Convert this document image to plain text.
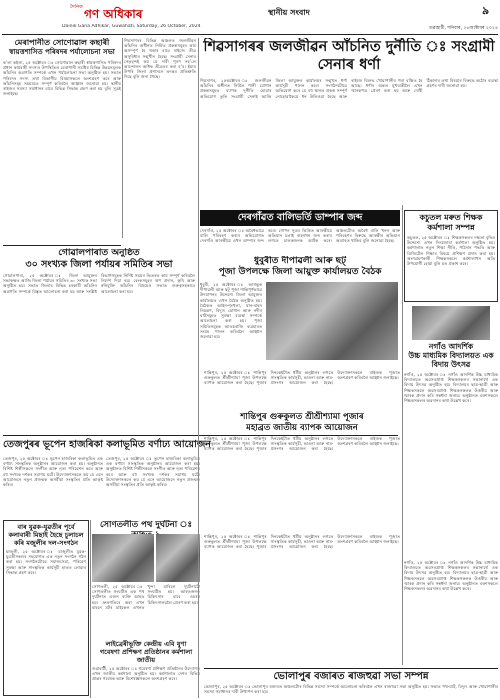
দৈনিক গণ অধিকাৰ	স্থানীয় সংবাদ	৯
Dainik Gana Adhikar, Guwahati, Saturday, 26 October, 2024	গুৱাহাটী, শনিবাৰ, ২৬অক্টোবৰ ২০২৪
মেৰাপানীত সোণোৱাল কছাৰী
স্বায়ত্তশাসিত পৰিষদৰ পৰ্যালোচনা সভা
ক’লা কইলা, ২৫ অক্টোবৰ ঃ সোণোৱাল কছাৰী স্বায়ত্তশাসিত পৰিষদৰ প্ৰধান কাৰ্যবাহী সদস্যৰ উপস্থিতিত মেৰাপানী সমষ্টিৰ বিভিন্ন উন্নয়নমূলক আঁচনিৰ অগ্ৰগতি সম্পৰ্কে এখন পৰ্যালোচনা সভা অনুষ্ঠিত হয়। সভাত পৰিষদৰ সদস্য তথা বিভাগীয় বিষয়াসকলে অংশগ্ৰহণ কৰে আৰু আঁচনিসমূহ সময়মতে সম্পূৰ্ণ কৰিবলৈ আহ্বান জনোৱা হয়। স্থানীয় ৰাইজৰ সমস্যা সমাধানৰ বাবে বিভিন্ন সিদ্ধান্ত গ্ৰহণ কৰা হয় বুলি সূত্ৰই জনাইছে।
শিৱসাগৰৰ বিভিন্ন অঞ্চলত জলজীৱন আঁচনিৰ অধীনত নিৰ্মিত প্ৰকল্পসমূহৰ কাম অসম্পূৰ্ণ হৈ থকাৰ বাবে ৰাইজে তীব্ৰ অসুবিধাৰ সন্মুখীন হৈছে। সংগ্ৰামী সেনাৰ নেতৃবৃন্দই কয় যে দাবী পূৰণ নহ’লে আন্দোলন অধিক তীব্ৰতৰ কৰা হ’ব। ইয়াৰ উপৰি জিলা প্ৰশাসনে তদন্তৰ প্ৰতিশ্ৰুতি দিছে বুলি জনা গৈছে।
শিৱসাগৰৰ জলজীৱন আঁচনিত দুৰ্নীতি ঃ সংগ্ৰামী সেনাৰ ধৰ্ণা
শিৱসাগৰ, ২৫অক্টোবৰ ঃ জলজীৱন আঁচনিৰ অধীনত নিৰ্মিত পানী যোগান প্ৰকল্পসমূহত ব্যাপক দুৰ্নীতি হোৱাৰ অভিযোগ তুলি সংগ্ৰামী সেনাই আজি জিলা আয়ুক্তৰ কাৰ্যালয়ৰ সন্মুখত ধৰ্ণা কাৰ্যসূচী পালন কৰে। সংগঠনটোৱে অভিযোগ কৰে যে বহু স্থানত প্ৰকল্প সম্পূৰ্ণ নোহোৱাকৈয়ে ধন উলিওৱা হৈছে আৰু ৰাইজে বিশুদ্ধ খোৱাপানীৰ পৰা বঞ্চিত হৈ আছে। ধৰ্ণাৰ অন্তত মুখ্যমন্ত্ৰীলৈ এখন স্মাৰকপত্ৰ প্ৰেৰণ কৰা হয় আৰু দোষী ঠিকাদাৰ তথা বিষয়াৰ বিৰুদ্ধে কঠোৰ ব্যৱস্থা গ্ৰহণৰ দাবী জনোৱা হয়।
গোৱালপাৰাত অনুষ্ঠিত
৩০ সংখ্যক জিলা পৰ্যায়ৰ সমিতিৰ সভা
গোৱালপাৰা, ২৫ অক্টোবৰ ঃ জিলা আয়ুক্তৰ সভাকক্ষত আজি জিলা পৰ্যায়ৰ সমিতিৰ ৩০ সংখ্যক সভা অনুষ্ঠিত হয়। সভাত জিলাৰ বিভিন্ন চৰকাৰী আঁচনিৰ অগ্ৰগতি সম্পৰ্কে বিস্তৃত আলোচনা কৰা হয় আৰু সংশ্লিষ্ট বিভাগসমূহক নিৰ্দিষ্ট সময়ৰ ভিতৰত কাম সম্পূৰ্ণ কৰিবলৈ নিৰ্দেশ দিয়া হয়। বেংকসমূহৰ ঋণ প্ৰদান, কৃষি আৰু স্বনিযুক্তি আঁচনিৰ বিষয়েও সভাত গুৰুত্বসহকাৰে আলোচনা কৰা হয়।
দেৰগাঁৱত বালিভৰ্তি ডাম্পাৰ জব্দ
দেৰগাঁও, ২৫ অক্টোবৰ ঃ অবৈধভাৱে বালি পৰিবহণ কৰাৰ অভিযোগত দেৰগাঁও আৰক্ষীয়ে এখন ডাম্পাৰ জব্দ কৰে। গোপন সূত্ৰৰ ভিত্তিত আৰক্ষীয়ে অভিযান চলাই বাহনখন জব্দ কৰাৰ লগতে চালকজনক আটক কৰে। অঞ্চলটোত অবৈধ বালি খনন আৰু পৰিবহণৰ বিৰুদ্ধে আৰক্ষীৰ অভিযান অব্যাহত থাকিব বুলি জনোৱা হৈছে।
ধুবুৰীত দীপাৱলী আৰু ছট্
পূজা উপলক্ষে জিলা আয়ুক্ত কাৰ্যালয়ত বৈঠক
ধুবুৰী, ২৫ অক্টোবৰ ঃ আগন্তুক দীপাৱলী আৰু ছট্ পূজা শান্তিপূৰ্ণভাৱে উদযাপনৰ উদ্দেশ্যে জিলা আয়ুক্তৰ কাৰ্যালয়ত এখন বৈঠক অনুষ্ঠিত হয়। বৈঠকত আইন-শৃংখলা, যান-বাহন নিয়ন্ত্ৰণ, বিদ্যুৎ যোগান আৰু নদীৰ ঘাটসমূহত সুৰক্ষা ব্যৱস্থা সম্পৰ্কে আলোচনা কৰা হয়। পূজা সমিতিসমূহক আতচবাজি ব্যৱহাৰত সংযম পালন কৰিবলৈ আহ্বান জনোৱা হয়।
কচুতল মৰুত শিক্ষক কৰ্মশালা সম্পন্ন
কচুতল, ২৫ অক্টোবৰ ঃ শিক্ষকসকলৰ দক্ষতা বৃদ্ধিৰ উদ্দেশ্যে এখন দিনজোৰা কৰ্মশালা অনুষ্ঠিত হয়। কৰ্মশালাত নতুন শিক্ষা নীতি, পাঠদান পদ্ধতি আৰু ডিজিটেল শিক্ষাৰ বিষয়ে প্ৰশিক্ষণ প্ৰদান কৰা হয়। অংশগ্ৰহণকাৰী শিক্ষকসকলে কৰ্মশালাখন অতি উপযোগী হোৱা বুলি মত প্ৰকাশ কৰে।
নগাঁও আদৰ্শিক
উচ্চ মাধ্যমিক বিদ্যালয়ত এক বিদায় উৎসৱ
নগাঁও, ২৫ অক্টোবৰ ঃ নগাঁও আদৰ্শিক উচ্চ মাধ্যমিক বিদ্যালয়ত অৱসৰপ্ৰাপ্ত শিক্ষকসকলৰ সন্মানাৰ্থে এক বিদায় উৎসৱ অনুষ্ঠিত হয়। বিদ্যালয়ৰ ছাত্ৰ-ছাত্ৰী আৰু শিক্ষকসকলে অৱসৰপ্ৰাপ্ত শিক্ষকসকলক উত্তৰীয় আৰু স্মাৰক প্ৰদান কৰি সম্বৰ্ধনা জনায়। অনুষ্ঠানত বক্তাসকলে শিক্ষকসকলৰ অৱদানৰ কথা উল্লেখ কৰে।
তেজপুৰৰ ভূপেন হাজৰিকা কলাভূমিত বৰ্ণাঢ্য আয়োজন
তেজপুৰ, ২৫ অক্টোবৰ ঃ ভূপেন হাজৰিকা কলাভূমিত এক বৰ্ণাঢ্য সাংস্কৃতিক অনুষ্ঠানৰ আয়োজন কৰা হয়। অনুষ্ঠানত বিশিষ্ট শিল্পীসকলে সংগীত আৰু নৃত্য পৰিৱেশন কৰে আৰু বহু সংখ্যক দৰ্শকৰ সমাগম ঘটে। উদ্যোক্তাসকলে কয় যে এনে আয়োজনে নতুন প্ৰজন্মক অসমীয়া সংস্কৃতিৰ প্ৰতি আকৃষ্ট কৰিব।
তেজপুৰ, ২৫ অক্টোবৰ ঃ ভূপেন হাজৰিকা কলাভূমিত এক বৰ্ণাঢ্য সাংস্কৃতিক অনুষ্ঠানৰ আয়োজন কৰা হয়। অনুষ্ঠানত বিশিষ্ট শিল্পীসকলে সংগীত আৰু নৃত্য পৰিৱেশন কৰে আৰু বহু সংখ্যক দৰ্শকৰ সমাগম ঘটে। উদ্যোক্তাসকলে কয় যে এনে আয়োজনে নতুন প্ৰজন্মক অসমীয়া সংস্কৃতিৰ প্ৰতি আকৃষ্ট কৰিব।
শান্তিপুৰ, ২৫ অক্টোবৰ ঃ শান্তিপুৰ গুৰুকুলত শ্ৰীশ্ৰীশ্যামা পূজা উপলক্ষে ব্যাপক আয়োজন কৰা হৈছে। পূজাৰ দিনকেইটাত ধৰ্মীয় অনুষ্ঠানৰ লগতে সাংস্কৃতিক কাৰ্যসূচী, ভাওনা আৰু নাম-প্ৰসংগৰ আয়োজন কৰা হৈছে। উদ্যোক্তাসকলে ৰাইজক পূজাত অংশগ্ৰহণ কৰিবলৈ আহ্বান জনাইছে।
শান্তিপুৰ গুৰুকুলত শ্ৰীশ্ৰীশ্যামা পূজাৰ
মহাব্ৰত জাতীয় ব্যাপক আয়োজন
শান্তিপুৰ, ২৫ অক্টোবৰ ঃ শান্তিপুৰ গুৰুকুলত শ্ৰীশ্ৰীশ্যামা পূজা উপলক্ষে ব্যাপক আয়োজন কৰা হৈছে। পূজাৰ দিনকেইটাত ধৰ্মীয় অনুষ্ঠানৰ লগতে সাংস্কৃতিক কাৰ্যসূচী, ভাওনা আৰু নাম-প্ৰসংগৰ আয়োজন কৰা হৈছে। উদ্যোক্তাসকলে ৰাইজক পূজাত অংশগ্ৰহণ কৰিবলৈ আহ্বান জনাইছে।
বাৰ যুৱক-যুৱতীৰ পূৰ্বে
কলাবাৰী মিছাই হৈছে চুলাচল কৰি মজুলীৰ দল-সংগঠন
মাজুলী, ২৫ অক্টোবৰ ঃ মাজুলীত যুৱক-যুৱতীসকলৰ সহযোগত এক নতুন সংগঠন গঠন কৰা হয়। সংগঠনটোৱে সমাজসেৱা, পৰিৱেশ সুৰক্ষা আৰু সাংস্কৃতিক কাৰ্যসূচী হাতত লোৱাৰ সিদ্ধান্ত গ্ৰহণ কৰে।
সোণতলীত পথ দুৰ্ঘটনা ঃ
সোণতলী, ২৫ অক্টোবৰ ঃ সোণতলীত সংঘটিত এক পথ দুৰ্ঘটনাত এজন ব্যক্তি আহত হয়। দ্ৰুতগতিৰে অহা এখন বাহনে মটৰ চাইকেল এখনত খুন্দা মাৰিলে দুৰ্ঘটনাটো সংঘটিত হয়। আহতজনক চিকিৎসাৰ বাবে ওচৰৰ চিকিৎসালয়লৈ প্ৰেৰণ কৰা হয়।
লাইব্ৰেৰীভূক্তি কেন্দ্ৰীয় এবি যুণা
গবেষণা প্ৰশিক্ষণ প্ৰতিষ্ঠানৰ কৰ্মশালা জাতীয়
গুৱাহাটী, ২৫ অক্টোবৰ ঃ গবেষণা প্ৰশিক্ষণ প্ৰতিষ্ঠানৰ উদ্যোগত এখন জাতীয় কৰ্মশালা অনুষ্ঠিত হয়। কৰ্মশালাত দেশৰ বিভিন্ন প্ৰান্তৰ গবেষক আৰু বিশেষজ্ঞসকলে অংশগ্ৰহণ কৰে।
শান্তিপুৰ, ২৫ অক্টোবৰ ঃ শান্তিপুৰ গুৰুকুলত শ্ৰীশ্ৰীশ্যামা পূজা উপলক্ষে ব্যাপক আয়োজন কৰা হৈছে। পূজাৰ দিনকেইটাত ধৰ্মীয় অনুষ্ঠানৰ লগতে সাংস্কৃতিক কাৰ্যসূচী, ভাওনা আৰু নাম-প্ৰসংগৰ আয়োজন কৰা হৈছে। উদ্যোক্তাসকলে ৰাইজক পূজাত অংশগ্ৰহণ কৰিবলৈ আহ্বান জনাইছে।
ভোলাপুৰ বজাৰত ৰাজহুৱা সভা সম্পন্ন
ভোলাপুৰ, ২৫ অক্টোবৰ ঃ ভোলাপুৰ বজাৰত অঞ্চলটোৰ বিভিন্ন সমস্যা সম্পৰ্কে আলোচনা কৰিবলৈ এখন ৰাজহুৱা সভা অনুষ্ঠিত হয়। সভাত পথ-ঘাট, বিদ্যুৎ আৰু খোৱাপানীৰ সমস্যা সমাধানৰ দাবী উত্থাপন কৰা হয়।
নগাঁও, ২৫ অক্টোবৰ ঃ নগাঁও আদৰ্শিক উচ্চ মাধ্যমিক বিদ্যালয়ত অৱসৰপ্ৰাপ্ত শিক্ষকসকলৰ সন্মানাৰ্থে এক বিদায় উৎসৱ অনুষ্ঠিত হয়। বিদ্যালয়ৰ ছাত্ৰ-ছাত্ৰী আৰু শিক্ষকসকলে অৱসৰপ্ৰাপ্ত শিক্ষকসকলক উত্তৰীয় আৰু স্মাৰক প্ৰদান কৰি সম্বৰ্ধনা জনায়। অনুষ্ঠানত বক্তাসকলে শিক্ষকসকলৰ অৱদানৰ কথা উল্লেখ কৰে।
